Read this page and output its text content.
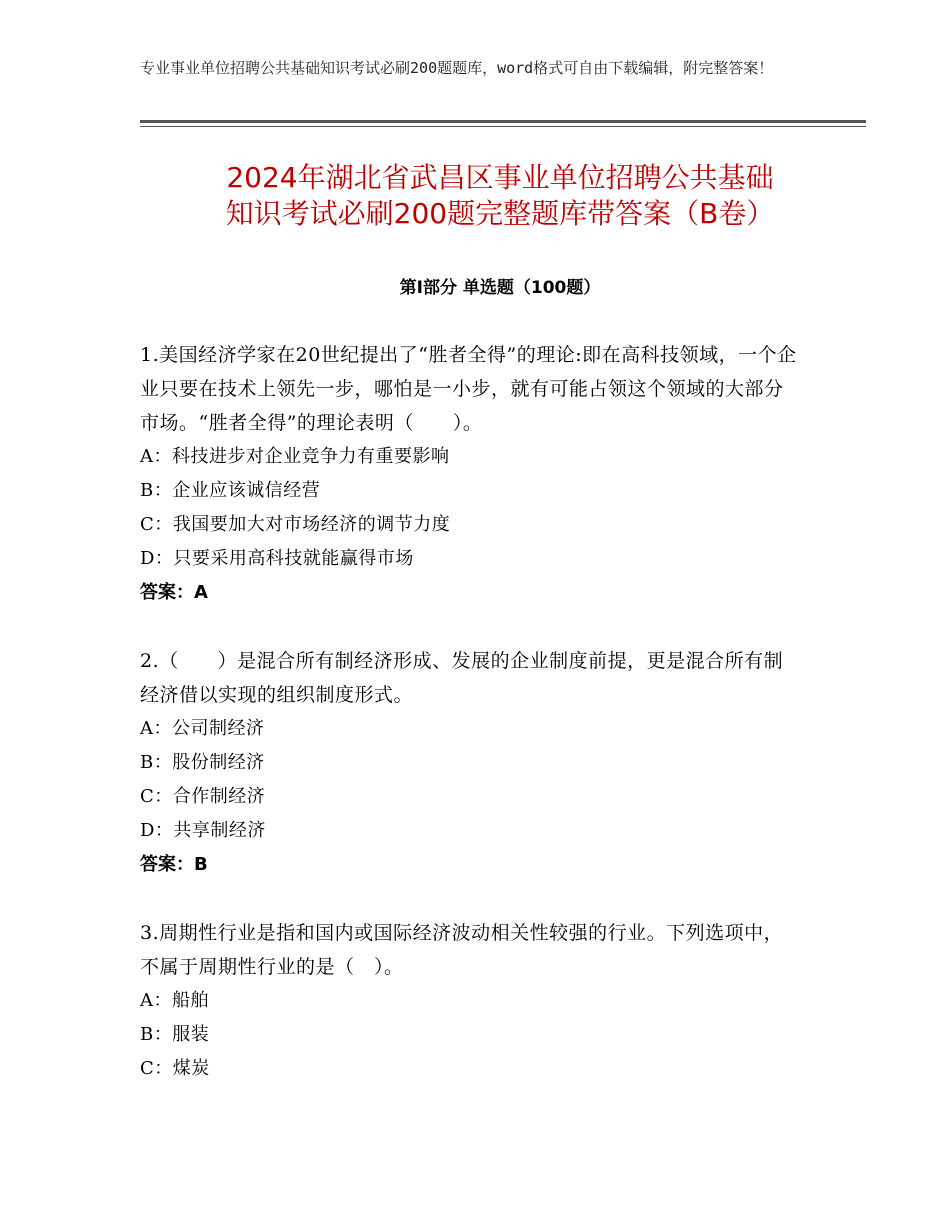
专业事业单位招聘公共基础知识考试必刷200题题库，word格式可自由下载编辑，附完整答案！
2024年湖北省武昌区事业单位招聘公共基础
知识考试必刷200题完整题库带答案（B卷）
第Ⅰ部分 单选题（100题）
1.美国经济学家在20世纪提出了“胜者全得”的理论:即在高科技领域，一个企业只要在技术上领先一步，哪怕是一小步，就有可能占领这个领域的大部分市场。“胜者全得”的理论表明（　　）。
A：科技进步对企业竞争力有重要影响
B：企业应该诚信经营
C：我国要加大对市场经济的调节力度
D：只要采用高科技就能赢得市场
答案：A
2.（　　）是混合所有制经济形成、发展的企业制度前提，更是混合所有制经济借以实现的组织制度形式。
A：公司制经济
B：股份制经济
C：合作制经济
D：共享制经济
答案：B
3.周期性行业是指和国内或国际经济波动相关性较强的行业。下列选项中，不属于周期性行业的是（　）。
A：船舶
B：服装
C：煤炭
